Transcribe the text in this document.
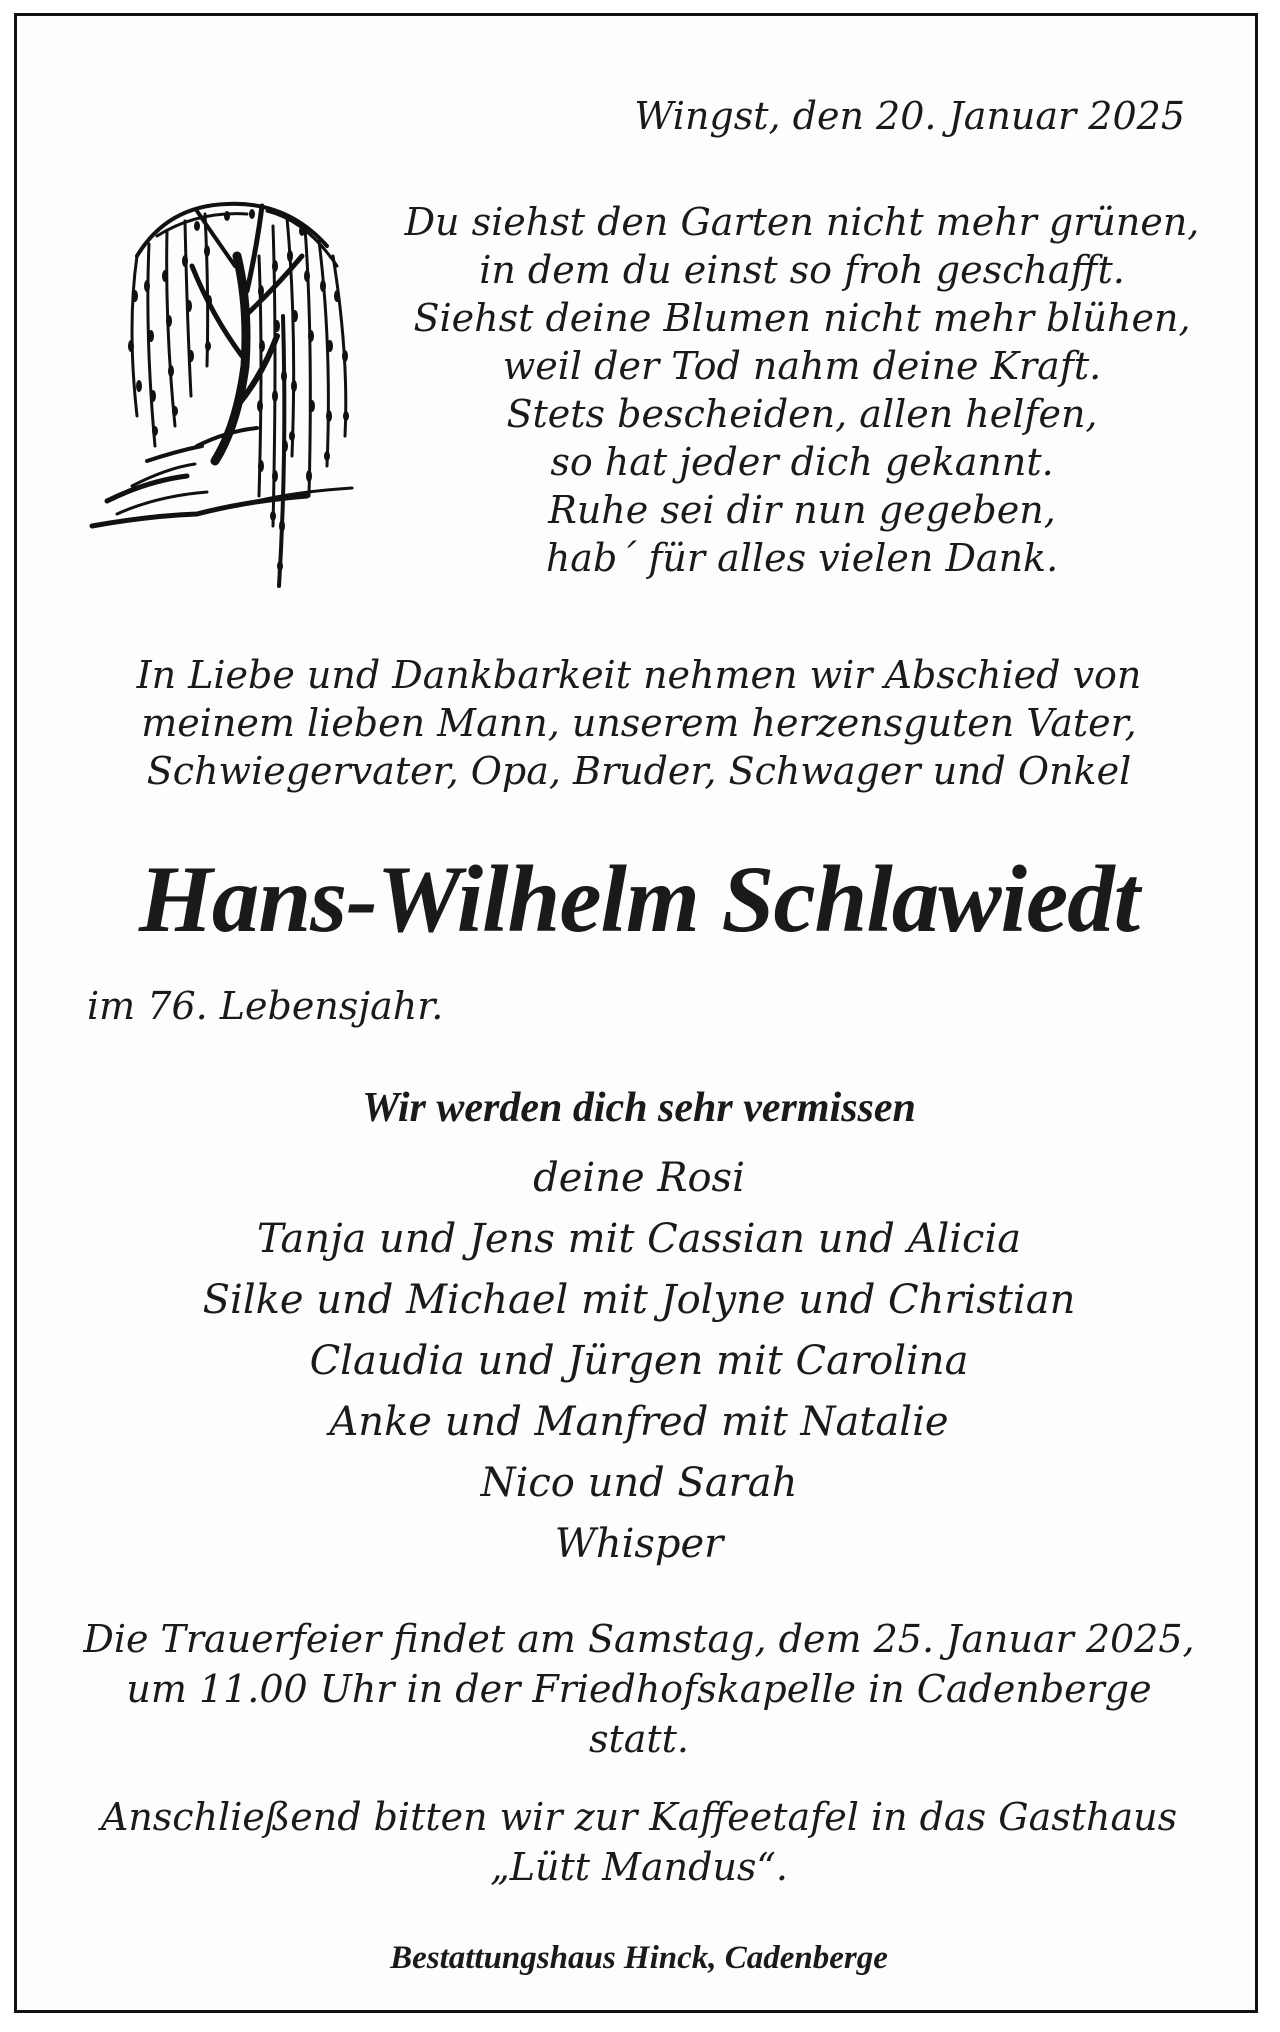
Wingst, den 20. Januar 2025
Du siehst den Garten nicht mehr grünen,
in dem du einst so froh geschafft.
Siehst deine Blumen nicht mehr blühen,
weil der Tod nahm deine Kraft.
Stets bescheiden, allen helfen,
so hat jeder dich gekannt.
Ruhe sei dir nun gegeben,
hab´ für alles vielen Dank.
In Liebe und Dankbarkeit nehmen wir Abschied von
meinem lieben Mann, unserem herzensguten Vater,
Schwiegervater, Opa, Bruder, Schwager und Onkel
Hans-Wilhelm Schlawiedt
im 76. Lebensjahr.
Wir werden dich sehr vermissen
deine Rosi
Tanja und Jens mit Cassian und Alicia
Silke und Michael mit Jolyne und Christian
Claudia und Jürgen mit Carolina
Anke und Manfred mit Natalie
Nico und Sarah
Whisper
Die Trauerfeier findet am Samstag, dem 25. Januar 2025,
um 11.00 Uhr in der Friedhofskapelle in Cadenberge
statt.
Anschließend bitten wir zur Kaffeetafel in das Gasthaus
„Lütt Mandus“.
Bestattungshaus Hinck, Cadenberge
